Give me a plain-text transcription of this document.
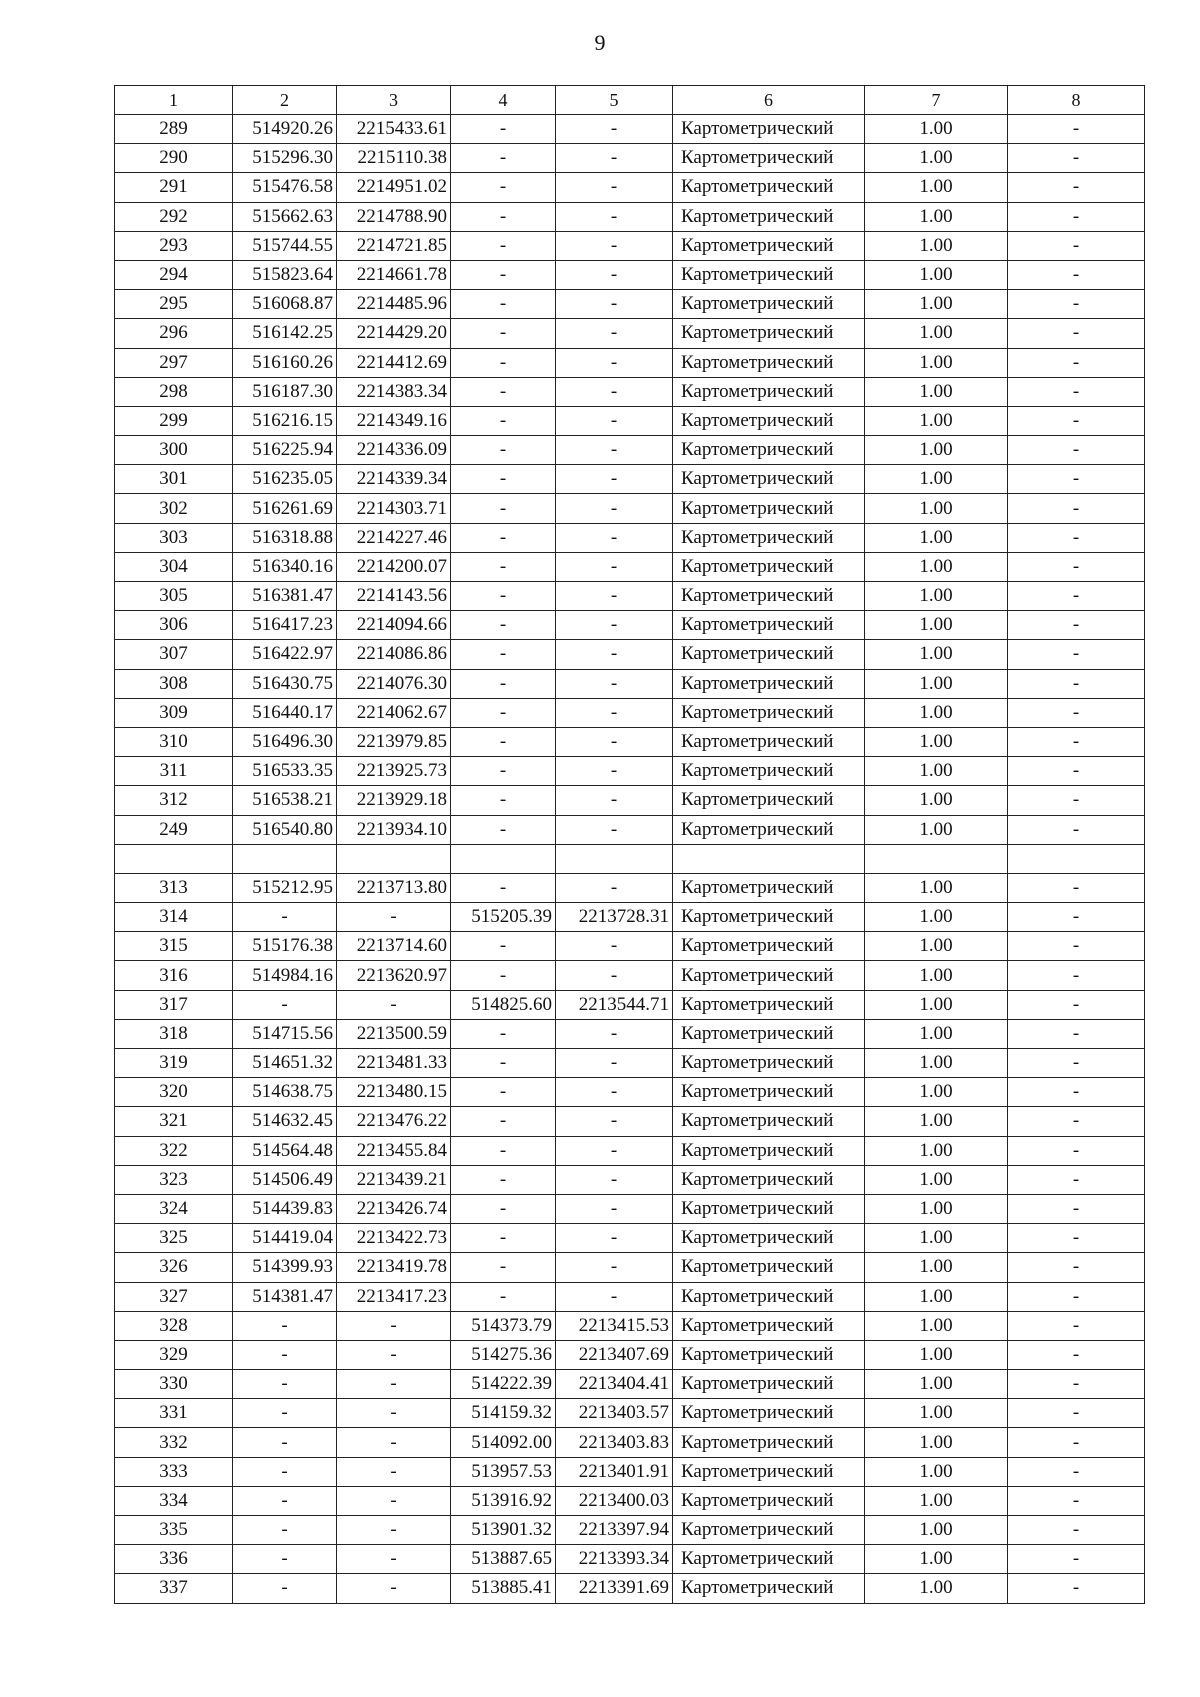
9
1	2	3	4	5	6	7	8
289	514920.26	2215433.61	-	-	Картометрический	1.00	-
290	515296.30	2215110.38	-	-	Картометрический	1.00	-
291	515476.58	2214951.02	-	-	Картометрический	1.00	-
292	515662.63	2214788.90	-	-	Картометрический	1.00	-
293	515744.55	2214721.85	-	-	Картометрический	1.00	-
294	515823.64	2214661.78	-	-	Картометрический	1.00	-
295	516068.87	2214485.96	-	-	Картометрический	1.00	-
296	516142.25	2214429.20	-	-	Картометрический	1.00	-
297	516160.26	2214412.69	-	-	Картометрический	1.00	-
298	516187.30	2214383.34	-	-	Картометрический	1.00	-
299	516216.15	2214349.16	-	-	Картометрический	1.00	-
300	516225.94	2214336.09	-	-	Картометрический	1.00	-
301	516235.05	2214339.34	-	-	Картометрический	1.00	-
302	516261.69	2214303.71	-	-	Картометрический	1.00	-
303	516318.88	2214227.46	-	-	Картометрический	1.00	-
304	516340.16	2214200.07	-	-	Картометрический	1.00	-
305	516381.47	2214143.56	-	-	Картометрический	1.00	-
306	516417.23	2214094.66	-	-	Картометрический	1.00	-
307	516422.97	2214086.86	-	-	Картометрический	1.00	-
308	516430.75	2214076.30	-	-	Картометрический	1.00	-
309	516440.17	2214062.67	-	-	Картометрический	1.00	-
310	516496.30	2213979.85	-	-	Картометрический	1.00	-
311	516533.35	2213925.73	-	-	Картометрический	1.00	-
312	516538.21	2213929.18	-	-	Картометрический	1.00	-
249	516540.80	2213934.10	-	-	Картометрический	1.00	-

313	515212.95	2213713.80	-	-	Картометрический	1.00	-
314	-	-	515205.39	2213728.31	Картометрический	1.00	-
315	515176.38	2213714.60	-	-	Картометрический	1.00	-
316	514984.16	2213620.97	-	-	Картометрический	1.00	-
317	-	-	514825.60	2213544.71	Картометрический	1.00	-
318	514715.56	2213500.59	-	-	Картометрический	1.00	-
319	514651.32	2213481.33	-	-	Картометрический	1.00	-
320	514638.75	2213480.15	-	-	Картометрический	1.00	-
321	514632.45	2213476.22	-	-	Картометрический	1.00	-
322	514564.48	2213455.84	-	-	Картометрический	1.00	-
323	514506.49	2213439.21	-	-	Картометрический	1.00	-
324	514439.83	2213426.74	-	-	Картометрический	1.00	-
325	514419.04	2213422.73	-	-	Картометрический	1.00	-
326	514399.93	2213419.78	-	-	Картометрический	1.00	-
327	514381.47	2213417.23	-	-	Картометрический	1.00	-
328	-	-	514373.79	2213415.53	Картометрический	1.00	-
329	-	-	514275.36	2213407.69	Картометрический	1.00	-
330	-	-	514222.39	2213404.41	Картометрический	1.00	-
331	-	-	514159.32	2213403.57	Картометрический	1.00	-
332	-	-	514092.00	2213403.83	Картометрический	1.00	-
333	-	-	513957.53	2213401.91	Картометрический	1.00	-
334	-	-	513916.92	2213400.03	Картометрический	1.00	-
335	-	-	513901.32	2213397.94	Картометрический	1.00	-
336	-	-	513887.65	2213393.34	Картометрический	1.00	-
337	-	-	513885.41	2213391.69	Картометрический	1.00	-
